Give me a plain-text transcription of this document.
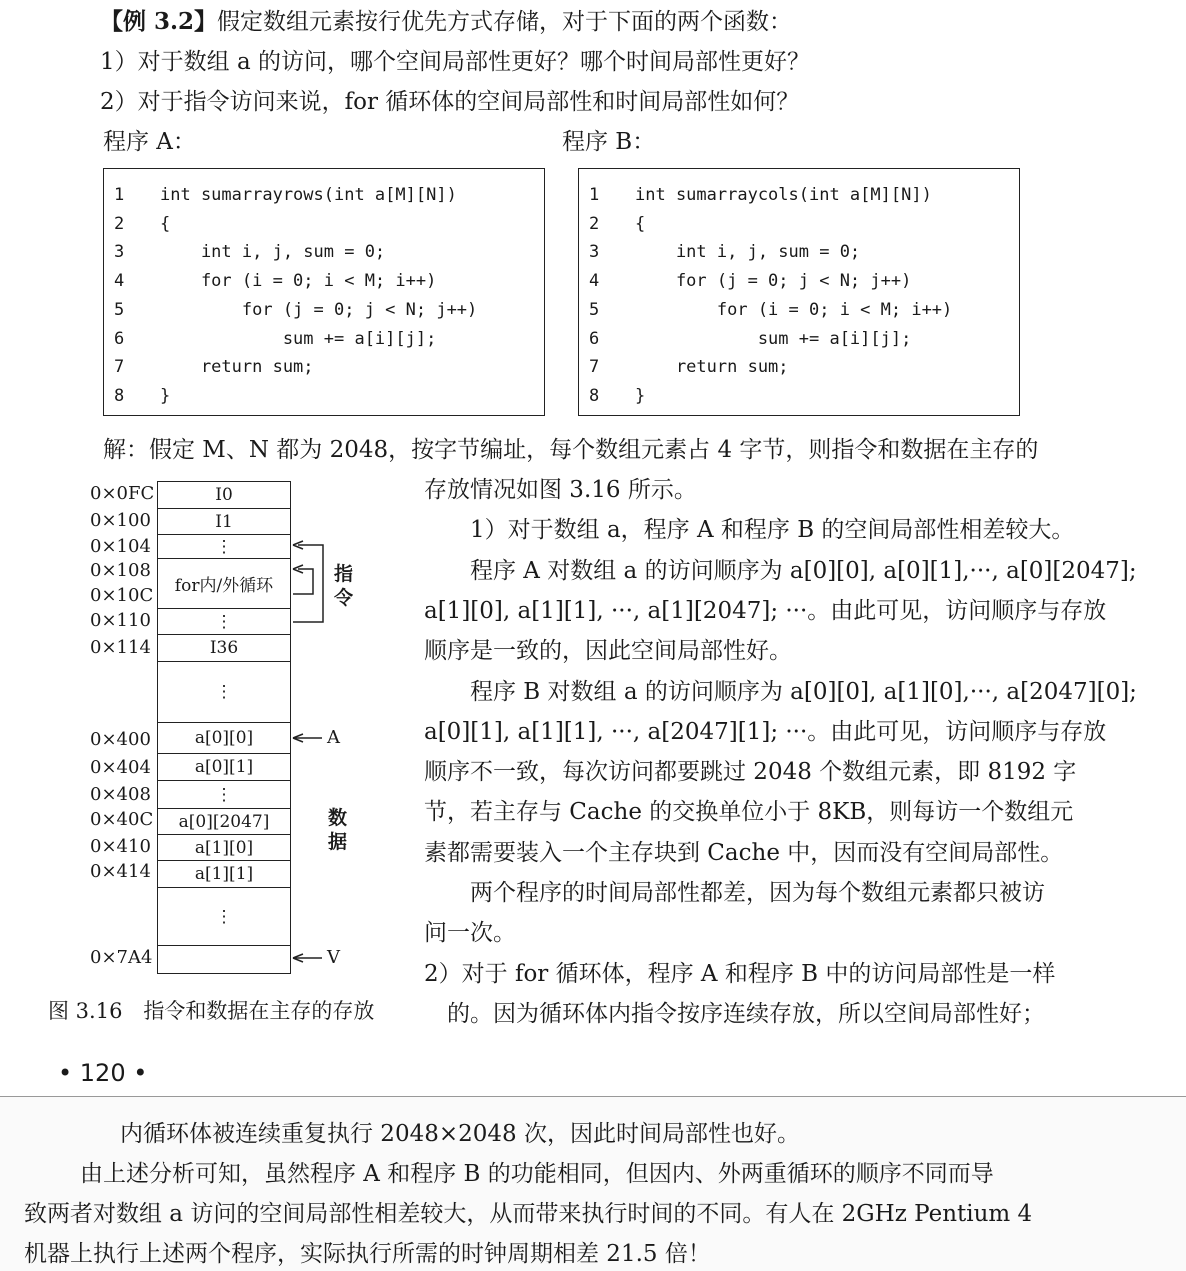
【例 3.2】假定数组元素按行优先方式存储，对于下面的两个函数：
1）对于数组 a 的访问，哪个空间局部性更好？哪个时间局部性更好？
2）对于指令访问来说，for 循环体的空间局部性和时间局部性如何？
程序 A：	程序 B：
1 int sumarrayrows(int a[M][N])
2 {
3 int i, j, sum = 0;
4 for (i = 0; i < M; i++)
5 for (j = 0; j < N; j++)
6 sum += a[i][j];
7 return sum;
8 }
1 int sumarraycols(int a[M][N])
2 {
3 int i, j, sum = 0;
4 for (j = 0; j < N; j++)
5 for (i = 0; i < M; i++)
6 sum += a[i][j];
7 return sum;
8 }
解：假定 M、N 都为 2048，按字节编址，每个数组元素占 4 字节，则指令和数据在主存的
存放情况如图 3.16 所示。
　　1）对于数组 a，程序 A 和程序 B 的空间局部性相差较大。
　　程序 A 对数组 a 的访问顺序为 a[0][0], a[0][1],···, a[0][2047];
a[1][0], a[1][1], ···, a[1][2047]; ···。由此可见，访问顺序与存放
顺序是一致的，因此空间局部性好。
　　程序 B 对数组 a 的访问顺序为 a[0][0], a[1][0],···, a[2047][0];
a[0][1], a[1][1], ···, a[2047][1]; ···。由此可见，访问顺序与存放
顺序不一致，每次访问都要跳过 2048 个数组元素，即 8192 字
节，若主存与 Cache 的交换单位小于 8KB，则每访一个数组元
素都需要装入一个主存块到 Cache 中，因而没有空间局部性。
　　两个程序的时间局部性都差，因为每个数组元素都只被访
问一次。
2）对于 for 循环体，程序 A 和程序 B 中的访问局部性是一样
　的。因为循环体内指令按序连续存放，所以空间局部性好；
0×0FC
0×100
0×104
0×108
0×10C
0×110
0×114
0×400
0×404
0×408
0×40C
0×410
0×414
0×7A4
I0
I1
⋮
for内/外循环
⋮
I36
⋮
a[0][0]
a[0][1]
⋮
a[0][2047]
a[1][0]
a[1][1]
⋮
指令
数据
A
V
图 3.16　指令和数据在主存的存放
• 120 •
内循环体被连续重复执行 2048×2048 次，因此时间局部性也好。
由上述分析可知，虽然程序 A 和程序 B 的功能相同，但因内、外两重循环的顺序不同而导
致两者对数组 a 访问的空间局部性相差较大，从而带来执行时间的不同。有人在 2GHz Pentium 4
机器上执行上述两个程序，实际执行所需的时钟周期相差 21.5 倍！
